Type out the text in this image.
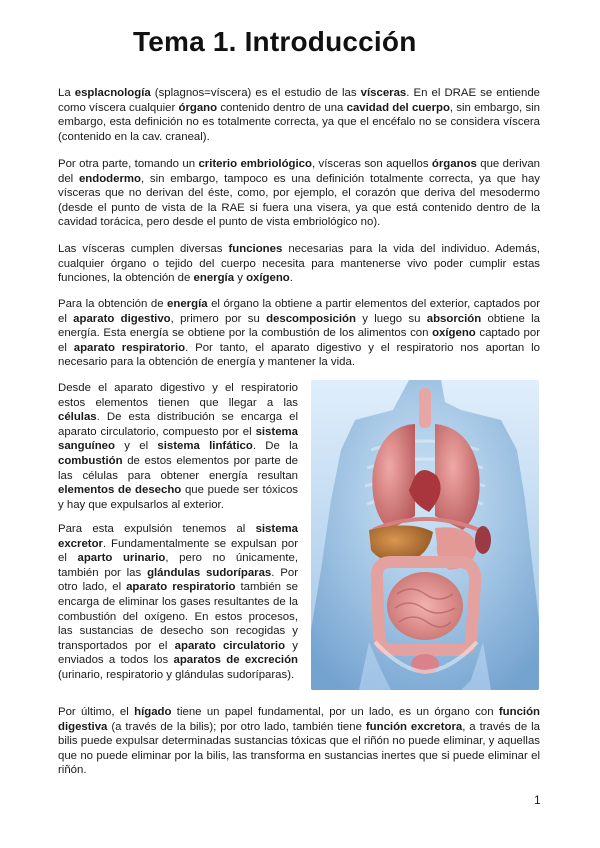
Tema 1. Introducción

La esplacnología (splagnos=víscera) es el estudio de las vísceras. En el DRAE se entiende como víscera cualquier órgano contenido dentro de una cavidad del cuerpo, sin embargo, sin embargo, esta definición no es totalmente correcta, ya que el encéfalo no se considera víscera (contenido en la cav. craneal).

Por otra parte, tomando un criterio embriológico, vísceras son aquellos órganos que derivan del endodermo, sin embargo, tampoco es una definición totalmente correcta, ya que hay vísceras que no derivan del éste, como, por ejemplo, el corazón que deriva del mesodermo (desde el punto de vista de la RAE si fuera una visera, ya que está contenido dentro de la cavidad torácica, pero desde el punto de vista embriológico no).

Las vísceras cumplen diversas funciones necesarias para la vida del individuo. Además, cualquier órgano o tejido del cuerpo necesita para mantenerse vivo poder cumplir estas funciones, la obtención de energía y oxígeno.

Para la obtención de energía el órgano la obtiene a partir elementos del exterior, captados por el aparato digestivo, primero por su descomposición y luego su absorción obtiene la energía. Esta energía se obtiene por la combustión de los alimentos con oxígeno captado por el aparato respiratorio. Por tanto, el aparato digestivo y el respiratorio nos aportan lo necesario para la obtención de energía y mantener la vida.

Desde el aparato digestivo y el respiratorio estos elementos tienen que llegar a las células. De esta distribución se encarga el aparato circulatorio, compuesto por el sistema sanguíneo y el sistema linfático. De la combustión de estos elementos por parte de las células para obtener energía resultan elementos de desecho que puede ser tóxicos y hay que expulsarlos al exterior.

Para esta expulsión tenemos al sistema excretor. Fundamentalmente se expulsan por el aparto urinario, pero no únicamente, también por las glándulas sudoríparas. Por otro lado, el aparato respiratorio también se encarga de eliminar los gases resultantes de la combustión del oxígeno. En estos procesos, las sustancias de desecho son recogidas y transportados por el aparato circulatorio y enviados a todos los aparatos de excreción (urinario, respiratorio y glándulas sudoríparas).

Por último, el hígado tiene un papel fundamental, por un lado, es un órgano con función digestiva (a través de la bilis); por otro lado, también tiene función excretora, a través de la bilis puede expulsar determinadas sustancias tóxicas que el riñón no puede eliminar, y aquellas que no puede eliminar por la bilis, las transforma en sustancias inertes que si puede eliminar el riñón.

1
